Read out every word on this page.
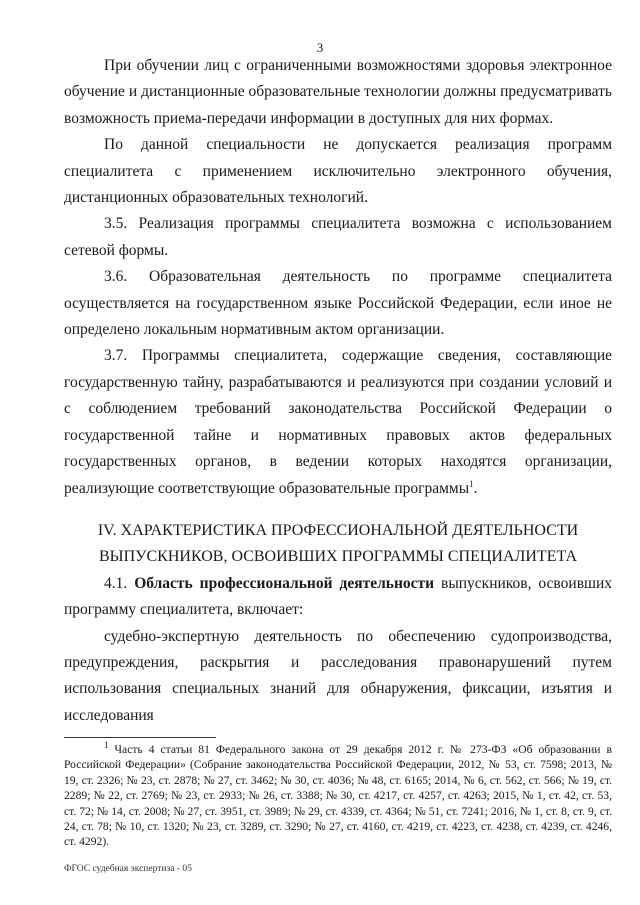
3

При обучении лиц с ограниченными возможностями здоровья электронное обучение и дистанционные образовательные технологии должны предусматривать возможность приема-передачи информации в доступных для них формах.

По данной специальности не допускается реализация программ специалитета с применением исключительно электронного обучения, дистанционных образовательных технологий.

3.5. Реализация программы специалитета возможна с использованием сетевой формы.

3.6. Образовательная деятельность по программе специалитета осуществляется на государственном языке Российской Федерации, если иное не определено локальным нормативным актом организации.

3.7. Программы специалитета, содержащие сведения, составляющие государственную тайну, разрабатываются и реализуются при создании условий и с соблюдением требований законодательства Российской Федерации о государственной тайне и нормативных правовых актов федеральных государственных органов, в ведении которых находятся организации, реализующие соответствующие образовательные программы$^1$.

IV. ХАРАКТЕРИСТИКА ПРОФЕССИОНАЛЬНОЙ ДЕЯТЕЛЬНОСТИ
ВЫПУСКНИКОВ, ОСВОИВШИХ ПРОГРАММЫ СПЕЦИАЛИТЕТА

4.1. Область профессиональной деятельности выпускников, освоивших программу специалитета, включает:

судебно-экспертную деятельность по обеспечению судопроизводства, предупреждения, раскрытия и расследования правонарушений путем использования специальных знаний для обнаружения, фиксации, изъятия и исследования

$^1$ Часть 4 статьи 81 Федерального закона от 29 декабря 2012 г. № 273-ФЗ «Об образовании в Российской Федерации» (Собрание законодательства Российской Федерации, 2012, № 53, ст. 7598; 2013, № 19, ст. 2326; № 23, ст. 2878; № 27, ст. 3462; № 30, ст. 4036; № 48, ст. 6165; 2014, № 6, ст. 562, ст. 566; № 19, ст. 2289; № 22, ст. 2769; № 23, ст. 2933; № 26, ст. 3388; № 30, ст. 4217, ст. 4257, ст. 4263; 2015, № 1, ст. 42, ст. 53, ст. 72; № 14, ст. 2008; № 27, ст. 3951, ст. 3989; № 29, ст. 4339, ст. 4364; № 51, ст. 7241; 2016, № 1, ст. 8, ст. 9, ст. 24, ст. 78; № 10, ст. 1320; № 23, ст. 3289, ст. 3290; № 27, ст. 4160, ст. 4219, ст. 4223, ст. 4238, ст. 4239, ст. 4246, ст. 4292).

ФГОС судебная экспертиза - 05
